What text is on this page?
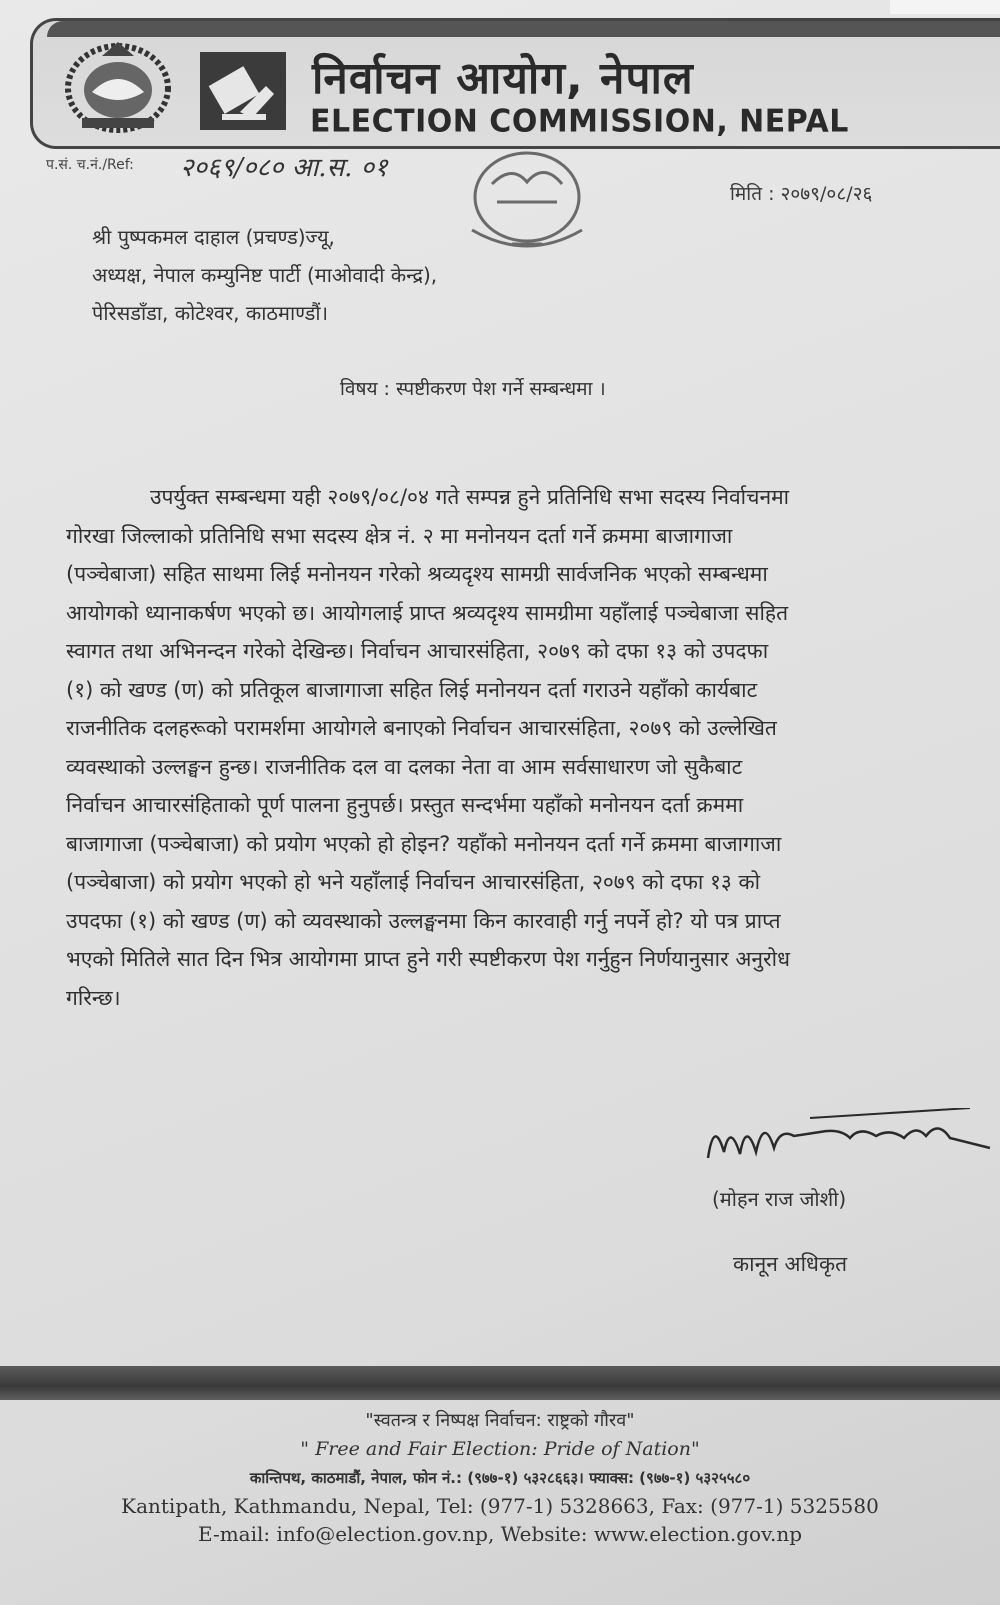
निर्वाचन आयोग, नेपाल
ELECTION COMMISSION, NEPAL
प.सं. च.नं./Ref: २०६९/०८० आ.स. ०१
मिति : २०७९/०८/२६
श्री पुष्पकमल दाहाल (प्रचण्ड)ज्यू,
अध्यक्ष, नेपाल कम्युनिष्ट पार्टी (माओवादी केन्द्र),
पेरिसडाँडा, कोटेश्वर, काठमाण्डौं।
विषय : स्पष्टीकरण पेश गर्ने सम्बन्धमा ।
उपर्युक्त सम्बन्धमा यही २०७९/०८/०४ गते सम्पन्न हुने प्रतिनिधि सभा सदस्य निर्वाचनमा
गोरखा जिल्लाको प्रतिनिधि सभा सदस्य क्षेत्र नं. २ मा मनोनयन दर्ता गर्ने क्रममा बाजागाजा
(पञ्चेबाजा) सहित साथमा लिई मनोनयन गरेको श्रव्यदृश्य सामग्री सार्वजनिक भएको सम्बन्धमा
आयोगको ध्यानाकर्षण भएको छ। आयोगलाई प्राप्त श्रव्यदृश्य सामग्रीमा यहाँलाई पञ्चेबाजा सहित
स्वागत तथा अभिनन्दन गरेको देखिन्छ। निर्वाचन आचारसंहिता, २०७९ को दफा १३ को उपदफा
(१) को खण्ड (ण) को प्रतिकूल बाजागाजा सहित लिई मनोनयन दर्ता गराउने यहाँको कार्यबाट
राजनीतिक दलहरूको परामर्शमा आयोगले बनाएको निर्वाचन आचारसंहिता, २०७९ को उल्लेखित
व्यवस्थाको उल्लङ्घन हुन्छ। राजनीतिक दल वा दलका नेता वा आम सर्वसाधारण जो सुकैबाट
निर्वाचन आचारसंहिताको पूर्ण पालना हुनुपर्छ। प्रस्तुत सन्दर्भमा यहाँको मनोनयन दर्ता क्रममा
बाजागाजा (पञ्चेबाजा) को प्रयोग भएको हो होइन? यहाँको मनोनयन दर्ता गर्ने क्रममा बाजागाजा
(पञ्चेबाजा) को प्रयोग भएको हो भने यहाँलाई निर्वाचन आचारसंहिता, २०७९ को दफा १३ को
उपदफा (१) को खण्ड (ण) को व्यवस्थाको उल्लङ्घनमा किन कारवाही गर्नु नपर्ने हो? यो पत्र प्राप्त
भएको मितिले सात दिन भित्र आयोगमा प्राप्त हुने गरी स्पष्टीकरण पेश गर्नुहुन निर्णयानुसार अनुरोध
गरिन्छ।
(मोहन राज जोशी)
कानून अधिकृत
"स्वतन्त्र र निष्पक्ष निर्वाचन: राष्ट्रको गौरव"
" Free and Fair Election: Pride of Nation"
कान्तिपथ, काठमाडौं, नेपाल, फोन नं.: (९७७-१) ५३२८६६३। फ्याक्स: (९७७-१) ५३२५५८०
Kantipath, Kathmandu, Nepal, Tel: (977-1) 5328663, Fax: (977-1) 5325580
E-mail: info@election.gov.np, Website: www.election.gov.np
